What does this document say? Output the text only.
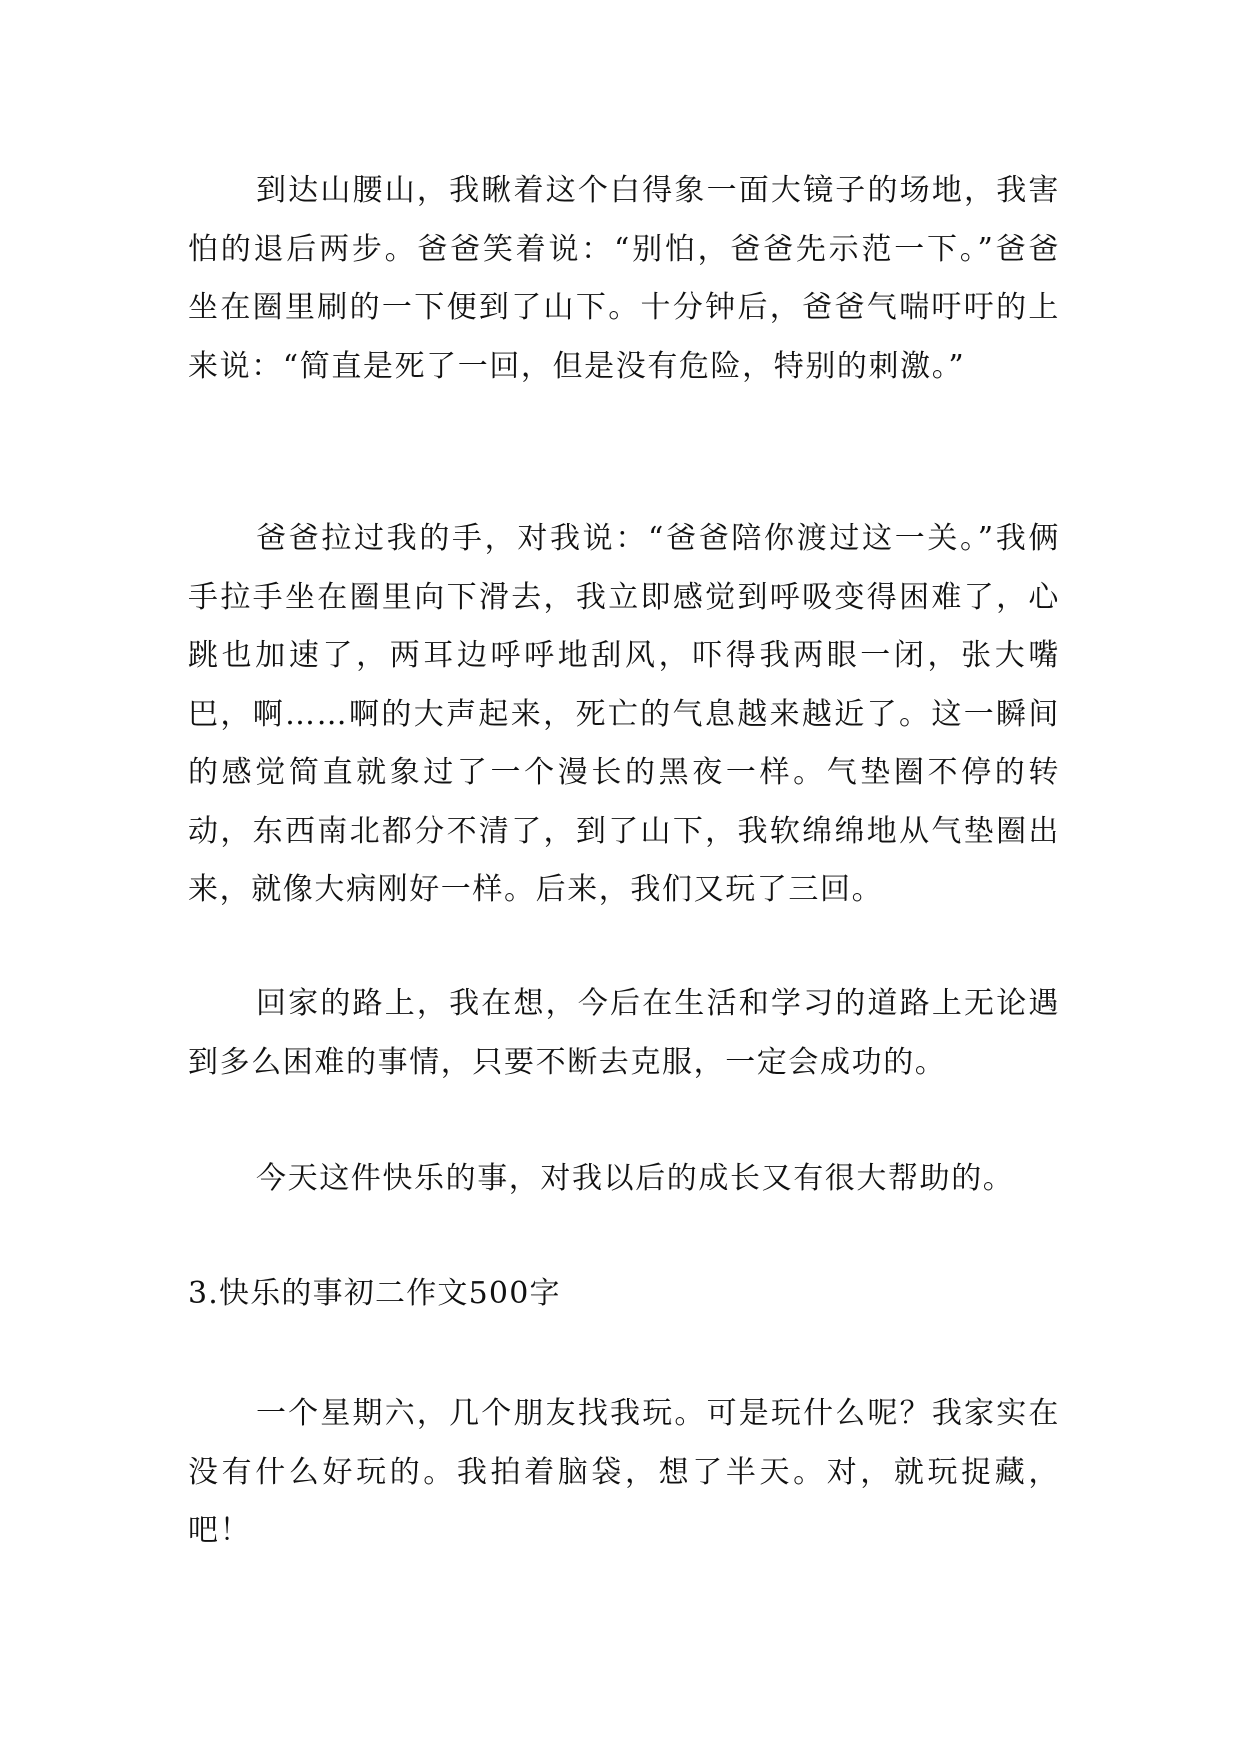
到达山腰山，我瞅着这个白得象一面大镜子的场地，我害怕的退后两步。爸爸笑着说：“别怕，爸爸先示范一下。”爸爸坐在圈里刷的一下便到了山下。十分钟后，爸爸气喘吁吁的上来说：“简直是死了一回，但是没有危险，特别的刺激。”

爸爸拉过我的手，对我说：“爸爸陪你渡过这一关。”我俩手拉手坐在圈里向下滑去，我立即感觉到呼吸变得困难了，心跳也加速了，两耳边呼呼地刮风，吓得我两眼一闭，张大嘴巴，啊……啊的大声起来，死亡的气息越来越近了。这一瞬间的感觉简直就象过了一个漫长的黑夜一样。气垫圈不停的转动，东西南北都分不清了，到了山下，我软绵绵地从气垫圈出来，就像大病刚好一样。后来，我们又玩了三回。

回家的路上，我在想，今后在生活和学习的道路上无论遇到多么困难的事情，只要不断去克服，一定会成功的。

今天这件快乐的事，对我以后的成长又有很大帮助的。

3.快乐的事初二作文500字

一个星期六，几个朋友找我玩。可是玩什么呢？我家实在没有什么好玩的。我拍着脑袋，想了半天。对，就玩捉藏，吧！
